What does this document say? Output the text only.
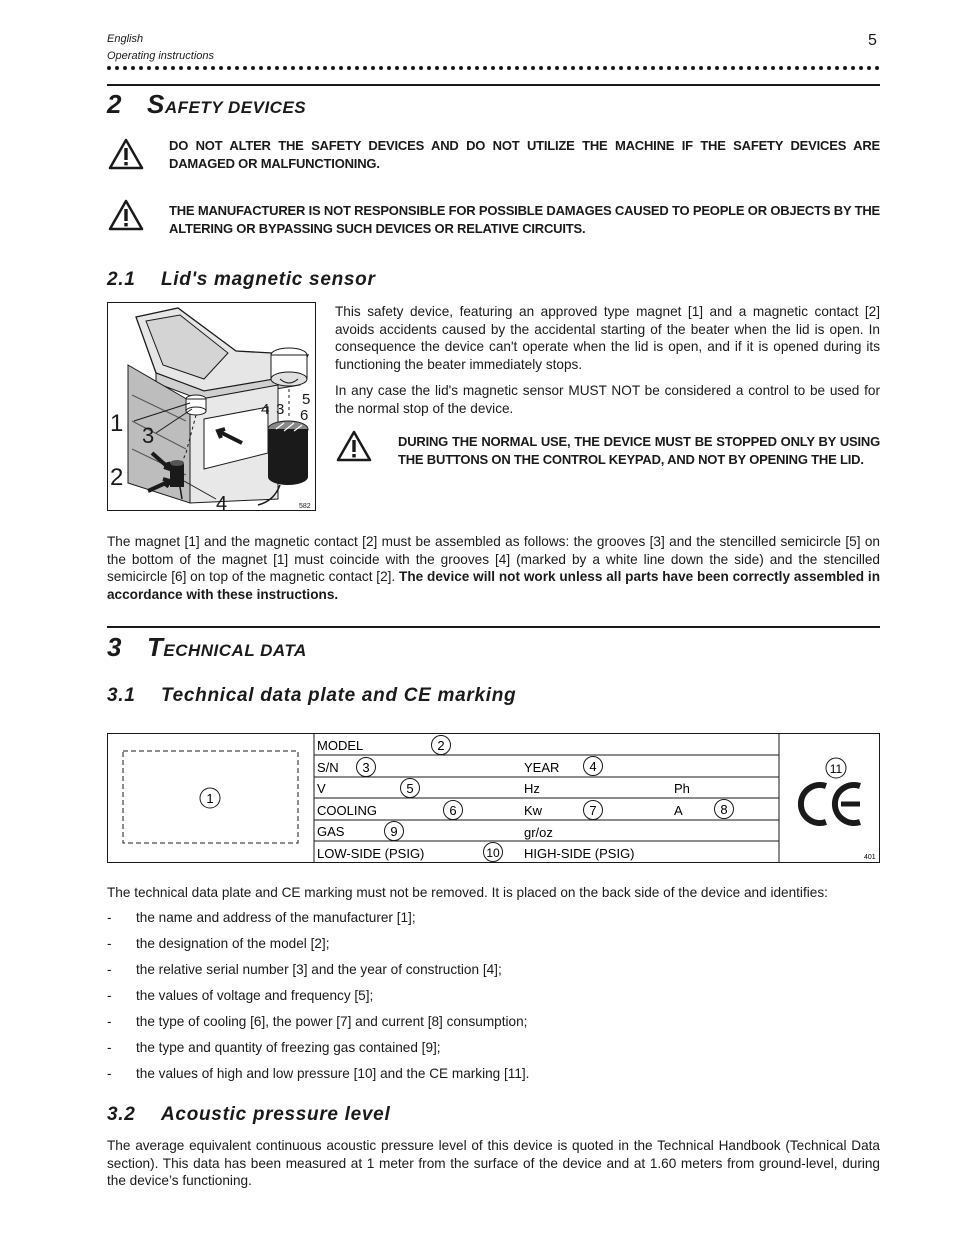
English
Operating instructions
5
2 SAFETY DEVICES
DO NOT ALTER THE SAFETY DEVICES AND DO NOT UTILIZE THE MACHINE IF THE SAFETY DEVICES ARE DAMAGED OR MALFUNCTIONING.
THE MANUFACTURER IS NOT RESPONSIBLE FOR POSSIBLE DAMAGES CAUSED TO PEOPLE OR OBJECTS BY THE ALTERING OR BYPASSING SUCH DEVICES OR RELATIVE CIRCUITS.
2.1 Lid's magnetic sensor
1 3
2
4
4 3
5
6
582
This safety device, featuring an approved type magnet [1] and a magnetic contact [2] avoids accidents caused by the accidental starting of the beater when the lid is open. In consequence the device can't operate when the lid is open, and if it is opened during its functioning the beater immediately stops.
In any case the lid's magnetic sensor MUST NOT be considered a control to be used for the normal stop of the device.
DURING THE NORMAL USE, THE DEVICE MUST BE STOPPED ONLY BY USING THE BUTTONS ON THE CONTROL KEYPAD, AND NOT BY OPENING THE LID.
The magnet [1] and the magnetic contact [2] must be assembled as follows: the grooves [3] and the stencilled semicircle [5] on the bottom of the magnet [1] must coincide with the grooves [4] (marked by a white line down the side) and the stencilled semicircle [6] on top of the magnetic contact [2]. The device will not work unless all parts have been correctly assembled in accordance with these instructions.
3 TECHNICAL DATA
3.1 Technical data plate and CE marking
1
MODEL	2
S/N 3	YEAR 4
V	5	Hz	Ph
COOLING	6	Kw	7	A	8
GAS	9	gr/oz
LOW-SIDE (PSIG)	10 HIGH-SIDE (PSIG)
11
401
The technical data plate and CE marking must not be removed. It is placed on the back side of the device and identifies:
- the name and address of the manufacturer [1];
- the designation of the model [2];
- the relative serial number [3] and the year of construction [4];
- the values of voltage and frequency [5];
- the type of cooling [6], the power [7] and current [8] consumption;
- the type and quantity of freezing gas contained [9];
- the values of high and low pressure [10] and the CE marking [11].
3.2 Acoustic pressure level
The average equivalent continuous acoustic pressure level of this device is quoted in the Technical Handbook (Technical Data section). This data has been measured at 1 meter from the surface of the device and at 1.60 meters from ground-level, during the device’s functioning.
